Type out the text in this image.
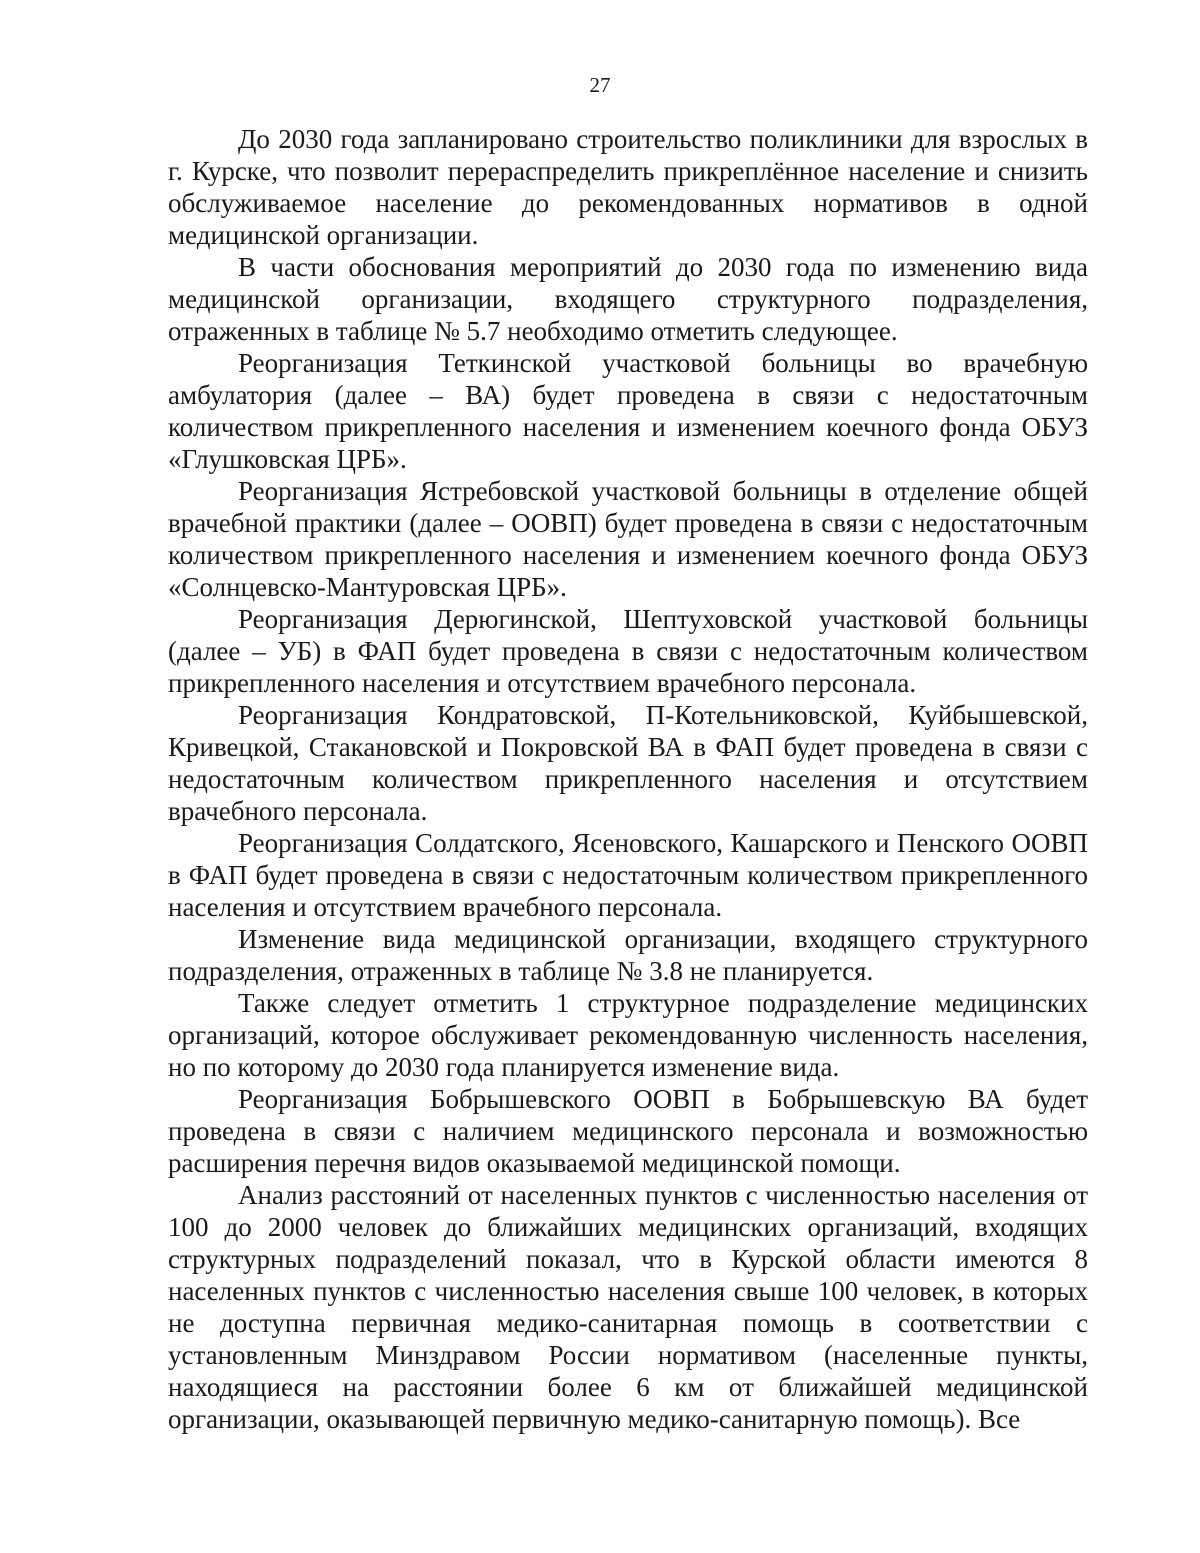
27

До 2030 года запланировано строительство поликлиники для взрослых в г. Курске, что позволит перераспределить прикреплённое население и снизить обслуживаемое население до рекомендованных нормативов в одной медицинской организации.

В части обоснования мероприятий до 2030 года по изменению вида медицинской организации, входящего структурного подразделения, отраженных в таблице № 5.7 необходимо отметить следующее.

Реорганизация Теткинской участковой больницы во врачебную амбулатория (далее – ВА) будет проведена в связи с недостаточным количеством прикрепленного населения и изменением коечного фонда ОБУЗ «Глушковская ЦРБ».

Реорганизация Ястребовской участковой больницы в отделение общей врачебной практики (далее – ООВП) будет проведена в связи с недостаточным количеством прикрепленного населения и изменением коечного фонда ОБУЗ «Солнцевско-Мантуровская ЦРБ».

Реорганизация Дерюгинской, Шептуховской участковой больницы (далее – УБ) в ФАП будет проведена в связи с недостаточным количеством прикрепленного населения и отсутствием врачебного персонала.

Реорганизация Кондратовской, П-Котельниковской, Куйбышевской, Кривецкой, Стакановской и Покровской ВА в ФАП будет проведена в связи с недостаточным количеством прикрепленного населения и отсутствием врачебного персонала.

Реорганизация Солдатского, Ясеновского, Кашарского и Пенского ООВП в ФАП будет проведена в связи с недостаточным количеством прикрепленного населения и отсутствием врачебного персонала.

Изменение вида медицинской организации, входящего структурного подразделения, отраженных в таблице № 3.8 не планируется.

Также следует отметить 1 структурное подразделение медицинских организаций, которое обслуживает рекомендованную численность населения, но по которому до 2030 года планируется изменение вида.

Реорганизация Бобрышевского ООВП в Бобрышевскую ВА будет проведена в связи с наличием медицинского персонала и возможностью расширения перечня видов оказываемой медицинской помощи.

Анализ расстояний от населенных пунктов с численностью населения от 100 до 2000 человек до ближайших медицинских организаций, входящих структурных подразделений показал, что в Курской области имеются 8 населенных пунктов с численностью населения свыше 100 человек, в которых не доступна первичная медико-санитарная помощь в соответствии с установленным Минздравом России нормативом (населенные пункты, находящиеся на расстоянии более 6 км от ближайшей медицинской организации, оказывающей первичную медико-санитарную помощь). Все
